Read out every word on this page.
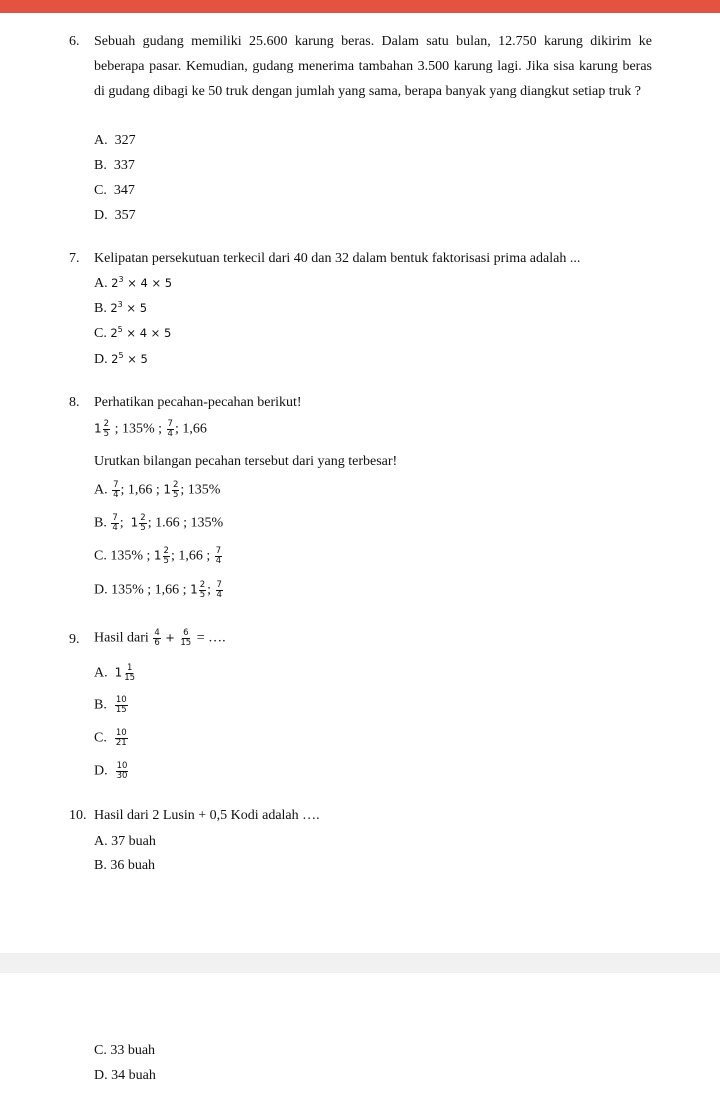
6. Sebuah gudang memiliki 25.600 karung beras. Dalam satu bulan, 12.750 karung dikirim ke beberapa pasar. Kemudian, gudang menerima tambahan 3.500 karung lagi. Jika sisa karung beras di gudang dibagi ke 50 truk dengan jumlah yang sama, berapa banyak yang diangkut setiap truk ?
A. 327
B. 337
C. 347
D. 357
7. Kelipatan persekutuan terkecil dari 40 dan 32 dalam bentuk faktorisasi prima adalah ...
A. $2^3 \times 4 \times 5$
B. $2^3 \times 5$
C. $2^5 \times 4 \times 5$
D. $2^5 \times 5$
8. Perhatikan pecahan-pecahan berikut!
$1 \frac{2}{5}$ ; 135% ; $\frac{7}{4}$ ; 1,66
Urutkan bilangan pecahan tersebut dari yang terbesar!
A. $\frac{7}{4}$ ; 1,66 ; $1 \frac{2}{5}$ ; 135%
B. $\frac{7}{4}$ ; $1 \frac{2}{5}$ ; 1.66 ; 135%
C. 135% ; $1 \frac{2}{5}$ ; 1,66 ; $\frac{7}{4}$
D. 135% ; 1,66 ; $1 \frac{2}{5}$ ; $\frac{7}{4}$
9. Hasil dari $\frac{4}{6} + \frac{6}{15}$ = ….
A. $1 \frac{1}{15}$
B. $\frac{10}{15}$
C. $\frac{10}{21}$
D. $\frac{10}{30}$
10. Hasil dari 2 Lusin + 0,5 Kodi adalah ….
A. 37 buah
B. 36 buah
C. 33 buah
D. 34 buah
